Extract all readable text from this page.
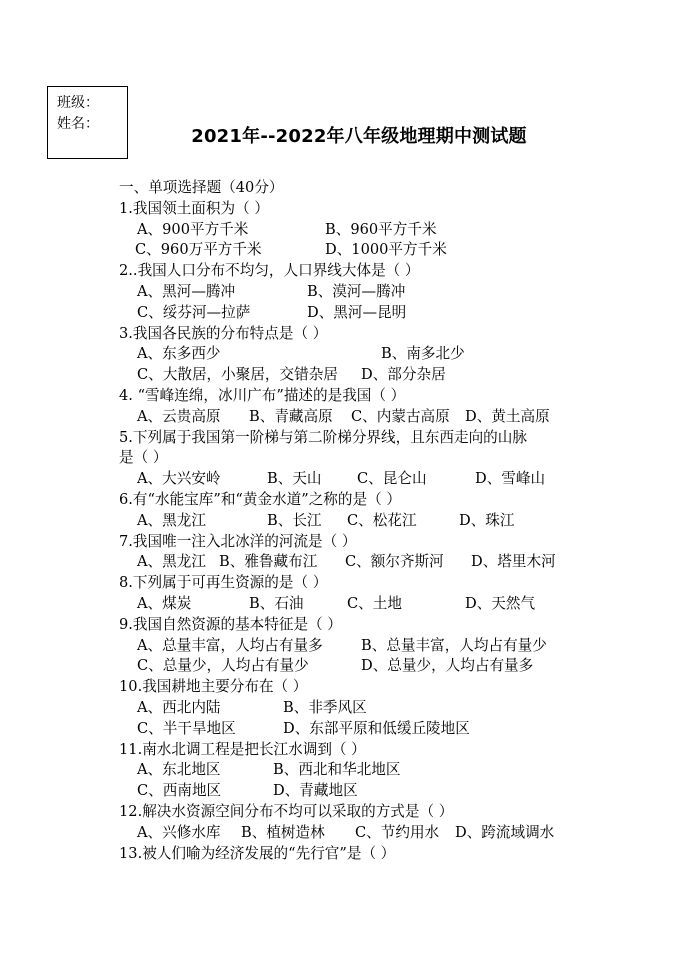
班级：
姓名：
2021年--2022年八年级地理期中测试题
一、单项选择题（40分）
1.我国领土面积为（ ）
A、900平方千米	B、960平方千米
C、960万平方千米	D、1000平方千米
2..我国人口分布不均匀，人口界线大体是（ ）
A、黑河—腾冲	B、漠河—腾冲
C、绥芬河—拉萨	D、黑河—昆明
3.我国各民族的分布特点是（ ）
A、东多西少	B、南多北少
C、大散居，小聚居，交错杂居 D、部分杂居
4. “雪峰连绵，冰川广布”描述的是我国（ ）
A、云贵高原 B、青藏高原 C、内蒙古高原 D、黄土高原
5.下列属于我国第一阶梯与第二阶梯分界线，且东西走向的山脉
是（ ）
A、大兴安岭	B、天山 C、昆仑山	D、雪峰山
6.有“水能宝库”和“黄金水道”之称的是（ ）
A、黑龙江	B、长江 C、松花江	D、珠江
7.我国唯一注入北冰洋的河流是（ ）
A、黑龙江 B、雅鲁藏布江 C、额尔齐斯河 D、塔里木河
8.下列属于可再生资源的是（ ）
A、煤炭	B、石油	C、土地	D、天然气
9.我国自然资源的基本特征是（ ）
A、总量丰富，人均占有量多	B、总量丰富，人均占有量少
C、总量少，人均占有量少	D、总量少，人均占有量多
10.我国耕地主要分布在（ ）
A、西北内陆	B、非季风区
C、半干旱地区	D、东部平原和低缓丘陵地区
11.南水北调工程是把长江水调到（ ）
A、东北地区	B、西北和华北地区
C、西南地区	D、青藏地区
12.解决水资源空间分布不均可以采取的方式是（ ）
A、兴修水库 B、植树造林 C、节约用水 D、跨流域调水
13.被人们喻为经济发展的“先行官”是（ ）
